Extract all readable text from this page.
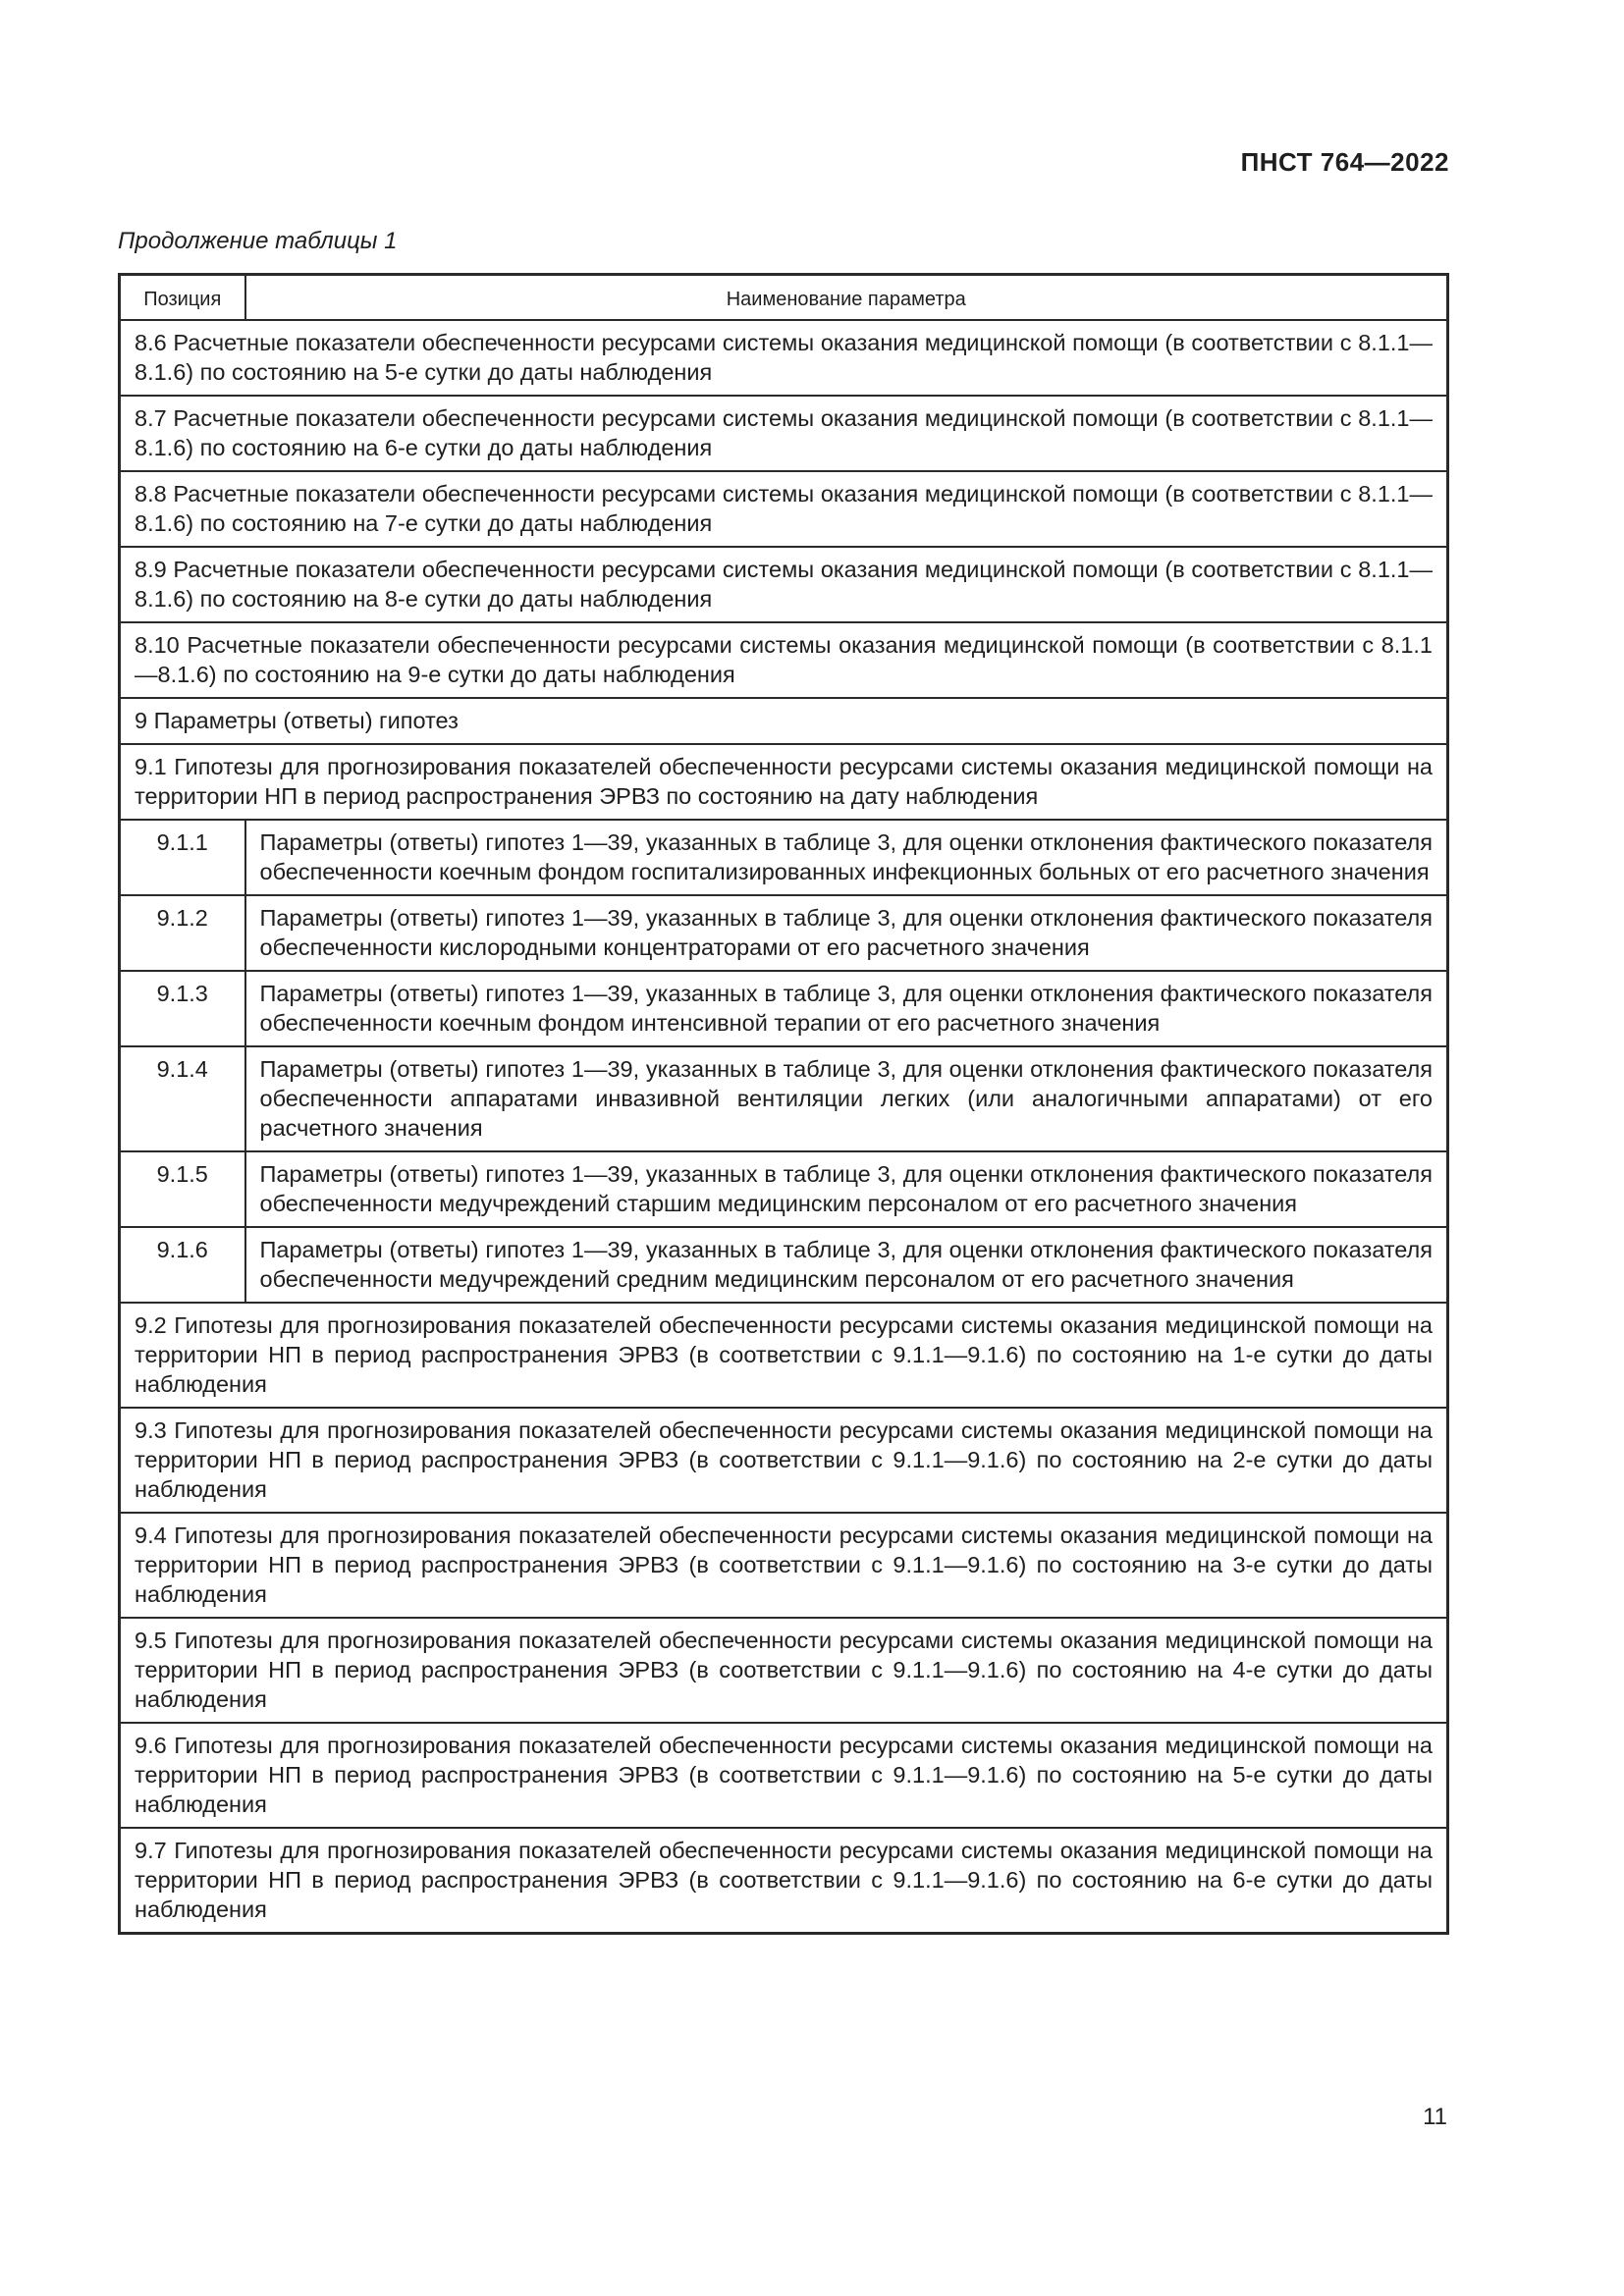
ПНСТ 764—2022
Продолжение таблицы 1
Позиция	Наименование параметра
8.6 Расчетные показатели обеспеченности ресурсами системы оказания медицинской помощи (в соответствии с 8.1.1—8.1.6) по состоянию на 5-е сутки до даты наблюдения	
8.7 Расчетные показатели обеспеченности ресурсами системы оказания медицинской помощи (в соответствии с 8.1.1—8.1.6) по состоянию на 6-е сутки до даты наблюдения	
8.8 Расчетные показатели обеспеченности ресурсами системы оказания медицинской помощи (в соответствии с 8.1.1—8.1.6) по состоянию на 7-е сутки до даты наблюдения	
8.9 Расчетные показатели обеспеченности ресурсами системы оказания медицинской помощи (в соответствии с 8.1.1—8.1.6) по состоянию на 8-е сутки до даты наблюдения	
8.10 Расчетные показатели обеспеченности ресурсами системы оказания медицинской помощи (в соответствии с 8.1.1—8.1.6) по состоянию на 9-е сутки до даты наблюдения	
9 Параметры (ответы) гипотез	
9.1 Гипотезы для прогнозирования показателей обеспеченности ресурсами системы оказания медицинской помощи на территории НП в период распространения ЭРВЗ по состоянию на дату наблюдения	
9.1.1	Параметры (ответы) гипотез 1—39, указанных в таблице 3, для оценки отклонения фактического показателя обеспеченности коечным фондом госпитализированных инфекционных больных от его расчетного значения
9.1.2	Параметры (ответы) гипотез 1—39, указанных в таблице 3, для оценки отклонения фактического показателя обеспеченности кислородными концентраторами от его расчетного значения
9.1.3	Параметры (ответы) гипотез 1—39, указанных в таблице 3, для оценки отклонения фактического показателя обеспеченности коечным фондом интенсивной терапии от его расчетного значения
9.1.4	Параметры (ответы) гипотез 1—39, указанных в таблице 3, для оценки отклонения фактического показателя обеспеченности аппаратами инвазивной вентиляции легких (или аналогичными аппаратами) от его расчетного значения
9.1.5	Параметры (ответы) гипотез 1—39, указанных в таблице 3, для оценки отклонения фактического показателя обеспеченности медучреждений старшим медицинским персоналом от его расчетного значения
9.1.6	Параметры (ответы) гипотез 1—39, указанных в таблице 3, для оценки отклонения фактического показателя обеспеченности медучреждений средним медицинским персоналом от его расчетного значения
9.2 Гипотезы для прогнозирования показателей обеспеченности ресурсами системы оказания медицинской помощи на территории НП в период распространения ЭРВЗ (в соответствии с 9.1.1—9.1.6) по состоянию на 1-е сутки до даты наблюдения	
9.3 Гипотезы для прогнозирования показателей обеспеченности ресурсами системы оказания медицинской помощи на территории НП в период распространения ЭРВЗ (в соответствии с 9.1.1—9.1.6) по состоянию на 2-е сутки до даты наблюдения	
9.4 Гипотезы для прогнозирования показателей обеспеченности ресурсами системы оказания медицинской помощи на территории НП в период распространения ЭРВЗ (в соответствии с 9.1.1—9.1.6) по состоянию на 3-е сутки до даты наблюдения	
9.5 Гипотезы для прогнозирования показателей обеспеченности ресурсами системы оказания медицинской помощи на территории НП в период распространения ЭРВЗ (в соответствии с 9.1.1—9.1.6) по состоянию на 4-е сутки до даты наблюдения	
9.6 Гипотезы для прогнозирования показателей обеспеченности ресурсами системы оказания медицинской помощи на территории НП в период распространения ЭРВЗ (в соответствии с 9.1.1—9.1.6) по состоянию на 5-е сутки до даты наблюдения	
9.7 Гипотезы для прогнозирования показателей обеспеченности ресурсами системы оказания медицинской помощи на территории НП в период распространения ЭРВЗ (в соответствии с 9.1.1—9.1.6) по состоянию на 6-е сутки до даты наблюдения	
11
